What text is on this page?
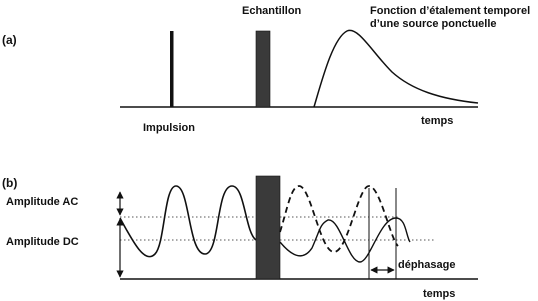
(a)
Impulsion
Echantillon	Fonction d’étalement temporel
d’une source ponctuelle
temps
(b)
Amplitude AC
Amplitude DC
déphasage
temps
